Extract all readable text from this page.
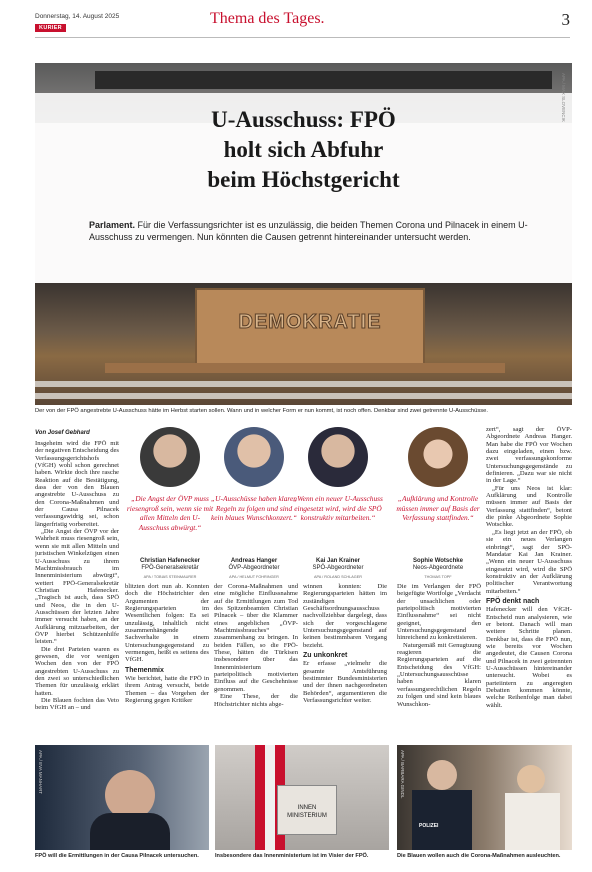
Donnerstag, 14. August 2025
KURIER
Thema des Tages.	3
U-Ausschuss: FPÖ
holt sich Abfuhr
beim Höchstgericht
Parlament. Für die Verfassungsrichter ist es unzulässig, die beiden Themen Corona und Pilnacek in einem U-Ausschuss zu vermengen. Nun könnten die Causen getrennt hintereinander untersucht werden.
DEMOKRATIE
APA / MAX SLOVENCIK
Der von der FPÖ angestrebte U-Ausschuss hätte im Herbst starten sollen. Wann und in welcher Form er nun kommt, ist noch offen. Denkbar sind zwei getrennte U-Ausschüsse.
Von Josef Gebhard

Insgeheim wird die FPÖ mit der negativen Entscheidung des Verfassungsgerichtshofs (VfGH) wohl schon gerechnet haben. Wirkte doch ihre rasche Reaktion auf die Bestätigung, dass der von den Blauen angestrebte U-Ausschuss zu den Corona-Maßnahmen und der Causa Pilnacek verfassungswidrig sei, schon längerfristig vorbereitet.

„Die Angst der ÖVP vor der Wahrheit muss riesengroß sein, wenn sie mit allen Mitteln und juristischen Winkelzügen einen U-Ausschuss zu ihrem Machtmissbrauch im Innenministerium abwürgt“, wettert FPÖ-Generalsekretär Christian Hafenecker. „Tragisch ist auch, dass SPÖ und Neos, die in den U-Ausschüssen der letzten Jahre immer versucht haben, an der Aufklärung mitzuarbeiten, der ÖVP hierbei Schützenhilfe leisten.“

Die drei Parteien waren es gewesen, die vor wenigen Wochen den von der FPÖ angestrebten U-Ausschuss zu den zwei so unterschiedlichen Themen für unzulässig erklärt hatten.

Die Blauen fochten das Veto beim VfGH an – und

„Die Angst der ÖVP muss riesengroß sein, wenn sie mit allen Mitteln den U-Ausschuss abwürgt.“
„U-Ausschüsse haben klaren Regeln zu folgen und sind kein blaues Wunschkonzert.“
„Wenn ein neuer U-Ausschuss eingesetzt wird, wird die SPÖ konstruktiv mitarbeiten.“
„Aufklärung und Kontrolle müssen immer auf Basis der Verfassung stattfinden.“
Christian Hafenecker
FPÖ-Generalsekretär
Andreas Hanger
ÖVP-Abgeordneter
Kai Jan Krainer
SPÖ-Abgeordneter
Sophie Wotschke
Neos-Abgeordnete
APA / TOBIAS STEINMAURER	APA / HELMUT FOHRINGER	APA / ROLAND SCHLAGER	THOMAS TOPF

blitzten dort nun ab. Konnten doch die Höchstrichter den Argumenten der Regierungsparteien im Wesentlichen folgen: Es sei unzulässig, inhaltlich nicht zusammenhängende Sachverhalte in einem Untersuchungsgegenstand zu vermengen, heißt es seitens des VfGH.

Themenmix

Wie berichtet, hatte die FPÖ in ihrem Antrag versucht, beide Themen – das Vorgehen der Regierung gegen Kritiker

der Corona-Maßnahmen und eine mögliche Einflussnahme auf die Ermittlungen zum Tod des Spitzenbeamten Christian Pilnacek – über die Klammer eines angeblichen „ÖVP-Machtmissbrauches“ zusammenhang zu bringen. In beiden Fällen, so die FPÖ-These, hätten die Türkisen insbesondere über das Innenministerium parteipolitisch motivierten Einfluss auf die Geschehnisse genommen.

Eine These, der die Höchstrichter nichts abge-

winnen konnten: Die Regierungsparteien hätten im zuständigen Geschäftsordnungsausschuss nachvollziehbar dargelegt, dass sich der vorgeschlagene Untersuchungsgegenstand auf keinen bestimmbaren Vorgang bezieht.

Zu unkonkret

Er erfasse „vielmehr die gesamte Amtsführung bestimmter Bundesministerien und der ihnen nachgeordneten Behörden“, argumentieren die Verfassungsrichter weiter.

Die im Verlangen der FPÖ beigefügte Wortfolge „Verdacht der unsachlichen oder parteipolitisch motivierten Einflussnahme“ sei nicht geeignet, den Untersuchungsgegenstand hinreichend zu konkretisieren.

Naturgemäß mit Genugtuung reagieren die Regierungsparteien auf die Entscheidung des VfGH: „Untersuchungsausschüsse haben klaren verfassungsrechtlichen Regeln zu folgen und sind kein blaues Wunschkon-

zert“, sagt der ÖVP-Abgeordnete Andreas Hanger. Man habe die FPÖ vor Wochen dazu eingeladen, einen bzw. zwei verfassungskonforme Untersuchungsgegenstände zu definieren. „Dazu war sie nicht in der Lage.“

„Für uns Neos ist klar: Aufklärung und Kontrolle müssen immer auf Basis der Verfassung stattfinden“, betont die pinke Abgeordnete Sophie Wotschke.

„Es liegt jetzt an der FPÖ, ob sie ein neues Verlangen einbringt“, sagt der SPÖ-Mandatar Kai Jan Krainer. „Wenn ein neuer U-Ausschuss eingesetzt wird, wird die SPÖ konstruktiv an der Aufklärung politischer Verantwortung mitarbeiten.“

FPÖ denkt nach

Hafenecker will den VfGH-Entscheid nun analysieren, wie er betont. Danach will man weitere Schritte planen. Denkbar ist, dass die FPÖ nun, wie bereits vor Wochen angedeutet, die Causen Corona und Pilnacek in zwei getrennten U-Ausschüssen hintereinander untersucht. Wobei es parteiintern zu angeregten Debatten kommen könnte, welche Reihenfolge man dabei wählt.

APA / EVA MANHART
INNEN
MINISTERIUM
POLIZEI
APA / BARBARA GINDL
FPÖ will die Ermittlungen in der Causa Pilnacek untersuchen.	Insbesondere das Innenministerium ist im Visier der FPÖ.	Die Blauen wollen auch die Corona-Maßnahmen ausleuchten.
